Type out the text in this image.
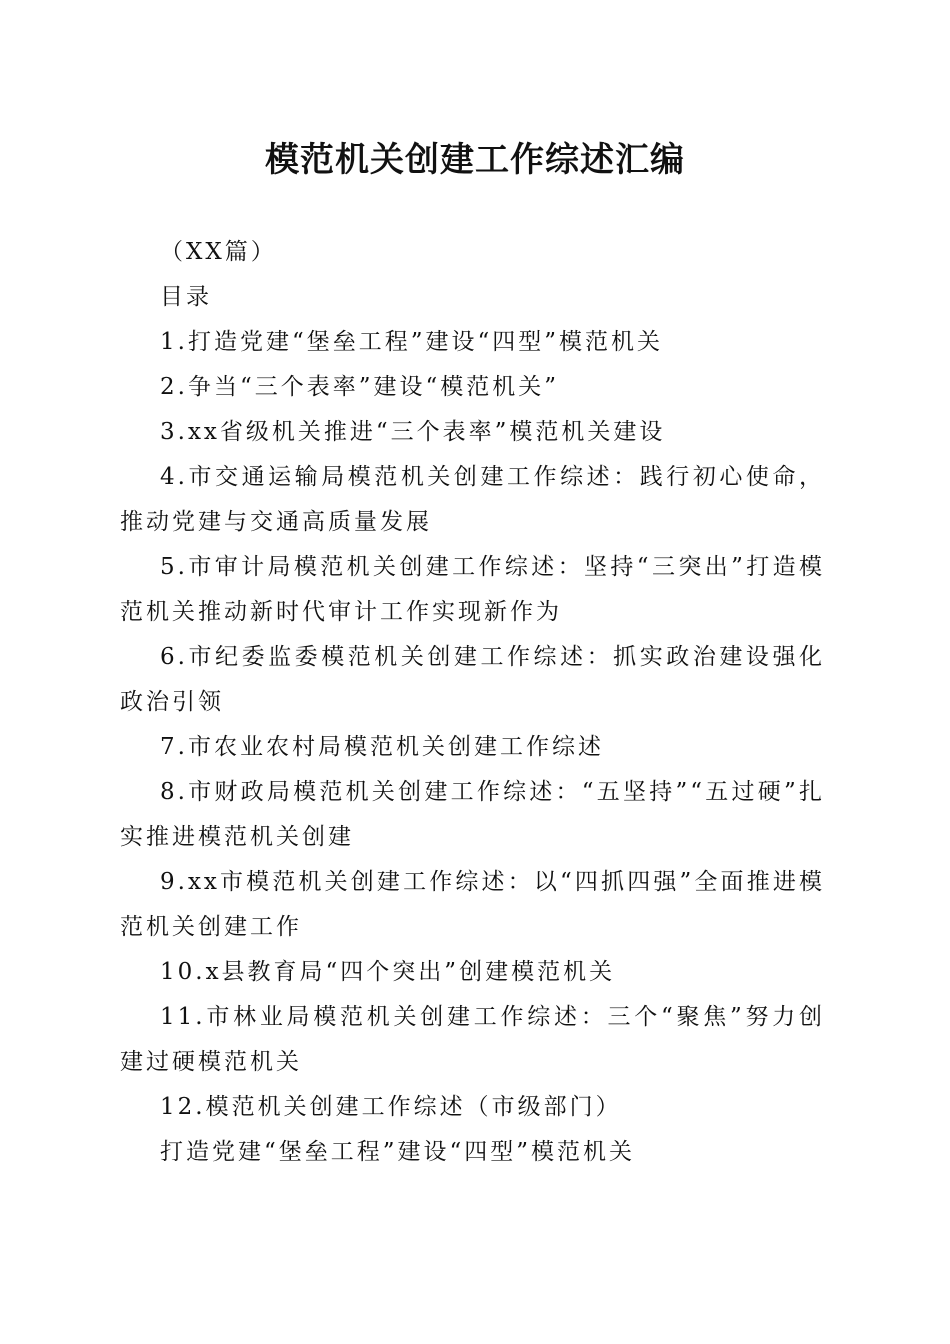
模范机关创建工作综述汇编

（XX篇）

目录

1.打造党建“堡垒工程”建设“四型”模范机关

2.争当“三个表率”建设“模范机关”

3.xx省级机关推进“三个表率”模范机关建设

4.市交通运输局模范机关创建工作综述：践行初心使命，推动党建与交通高质量发展

5.市审计局模范机关创建工作综述：坚持“三突出”打造模范机关推动新时代审计工作实现新作为

6.市纪委监委模范机关创建工作综述：抓实政治建设强化政治引领

7.市农业农村局模范机关创建工作综述

8.市财政局模范机关创建工作综述：“五坚持”“五过硬”扎实推进模范机关创建

9.xx市模范机关创建工作综述：以“四抓四强”全面推进模范机关创建工作

10.x县教育局“四个突出”创建模范机关

11.市林业局模范机关创建工作综述：三个“聚焦”努力创建过硬模范机关

12.模范机关创建工作综述（市级部门）

打造党建“堡垒工程”建设“四型”模范机关
